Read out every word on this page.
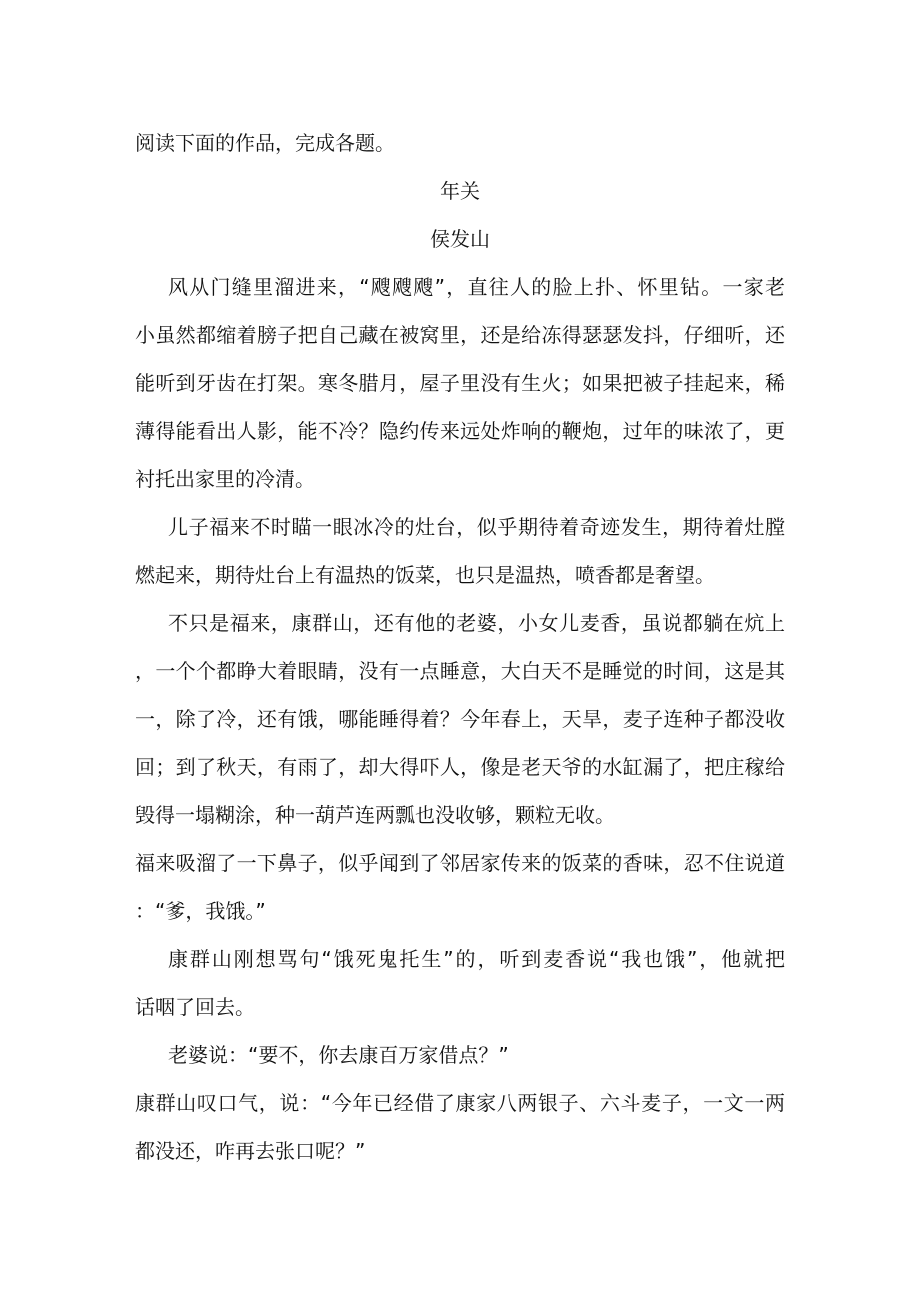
阅读下面的作品，完成各题。
年关
侯发山
风从门缝里溜进来，“飕飕飕”，直往人的脸上扑、怀里钻。一家老
小虽然都缩着膀子把自己藏在被窝里，还是给冻得瑟瑟发抖，仔细听，还
能听到牙齿在打架。寒冬腊月，屋子里没有生火；如果把被子挂起来，稀
薄得能看出人影，能不冷？隐约传来远处炸响的鞭炮，过年的味浓了，更
衬托出家里的冷清。
儿子福来不时瞄一眼冰冷的灶台，似乎期待着奇迹发生，期待着灶膛
燃起来，期待灶台上有温热的饭菜，也只是温热，喷香都是奢望。
不只是福来，康群山，还有他的老婆，小女儿麦香，虽说都躺在炕上
，一个个都睁大着眼睛，没有一点睡意，大白天不是睡觉的时间，这是其
一，除了冷，还有饿，哪能睡得着？今年春上，天旱，麦子连种子都没收
回；到了秋天，有雨了，却大得吓人，像是老天爷的水缸漏了，把庄稼给
毁得一塌糊涂，种一葫芦连两瓢也没收够，颗粒无收。
福来吸溜了一下鼻子，似乎闻到了邻居家传来的饭菜的香味，忍不住说道
：“爹，我饿。”
康群山刚想骂句“饿死鬼托生”的，听到麦香说“我也饿”，他就把
话咽了回去。
老婆说：“要不，你去康百万家借点？”
康群山叹口气，说：“今年已经借了康家八两银子、六斗麦子，一文一两
都没还，咋再去张口呢？”
